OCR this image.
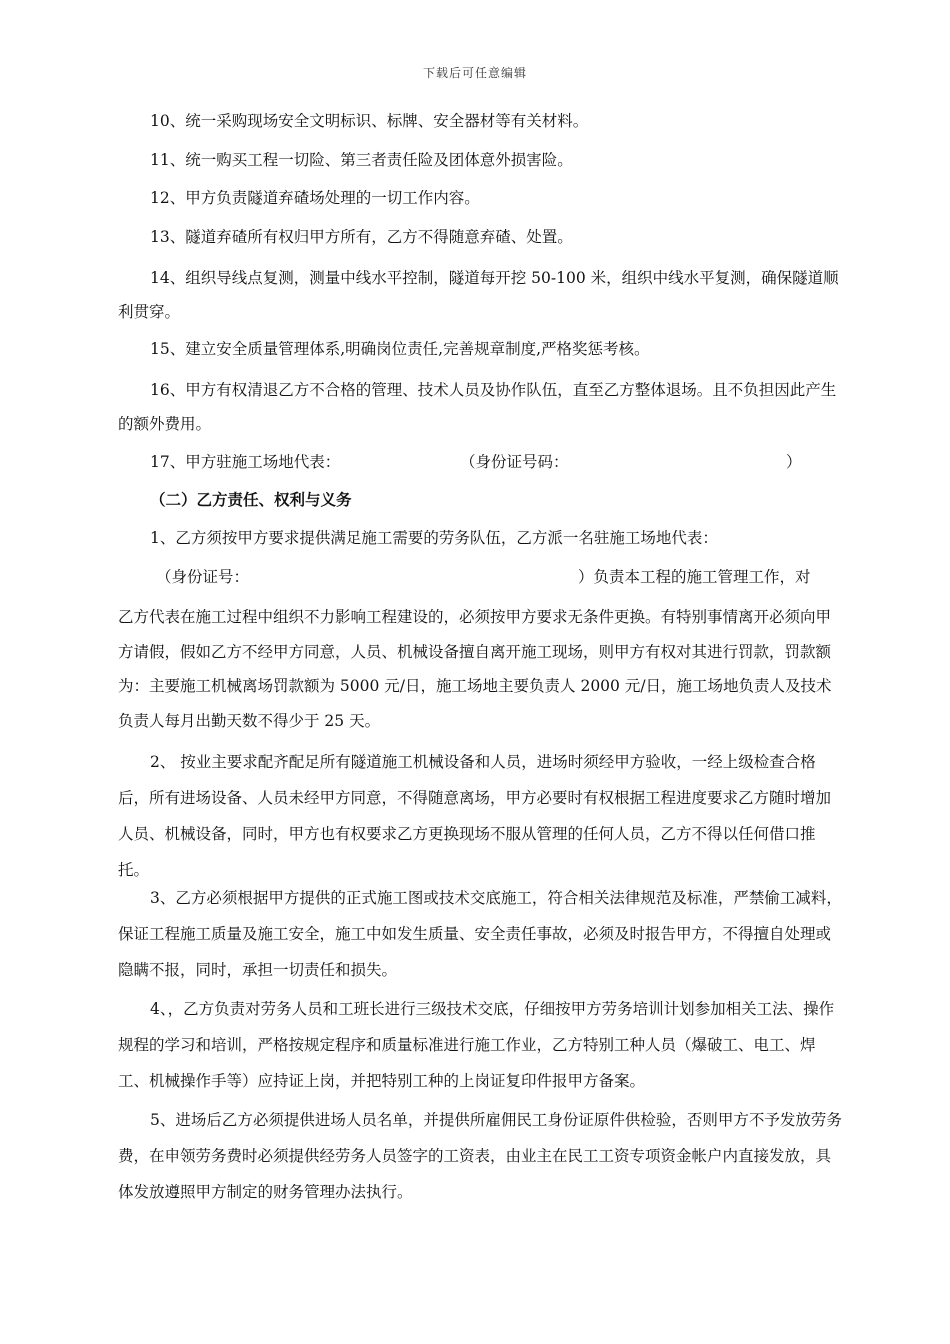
下载后可任意编辑

10、统一采购现场安全文明标识、标牌、安全器材等有关材料。

11、统一购买工程一切险、第三者责任险及团体意外损害险。

12、甲方负责隧道弃碴场处理的一切工作内容。

13、隧道弃碴所有权归甲方所有，乙方不得随意弃碴、处置。

14、组织导线点复测，测量中线水平控制，隧道每开挖 50-100 米，组织中线水平复测，确保隧道顺利贯穿。

15、建立安全质量管理体系,明确岗位责任,完善规章制度,严格奖惩考核。

16、甲方有权清退乙方不合格的管理、技术人员及协作队伍，直至乙方整体退场。且不负担因此产生的额外费用。

17、甲方驻施工场地代表：	（身份证号码：	）

（二）乙方责任、权利与义务

1、乙方须按甲方要求提供满足施工需要的劳务队伍，乙方派一名驻施工场地代表：

（身份证号：	）负责本工程的施工管理工作，对

乙方代表在施工过程中组织不力影响工程建设的，必须按甲方要求无条件更换。有特别事情离开必须向甲方请假，假如乙方不经甲方同意，人员、机械设备擅自离开施工现场，则甲方有权对其进行罚款，罚款额为：主要施工机械离场罚款额为 5000 元/日，施工场地主要负责人 2000 元/日，施工场地负责人及技术负责人每月出勤天数不得少于 25 天。

2、 按业主要求配齐配足所有隧道施工机械设备和人员，进场时须经甲方验收，一经上级检查合格后，所有进场设备、人员未经甲方同意，不得随意离场，甲方必要时有权根据工程进度要求乙方随时增加人员、机械设备，同时，甲方也有权要求乙方更换现场不服从管理的任何人员，乙方不得以任何借口推托。

3、乙方必须根据甲方提供的正式施工图或技术交底施工，符合相关法律规范及标准，严禁偷工减料，保证工程施工质量及施工安全，施工中如发生质量、安全责任事故，必须及时报告甲方，不得擅自处理或隐瞒不报，同时，承担一切责任和损失。

4、，乙方负责对劳务人员和工班长进行三级技术交底，仔细按甲方劳务培训计划参加相关工法、操作规程的学习和培训，严格按规定程序和质量标准进行施工作业，乙方特别工种人员（爆破工、电工、焊工、机械操作手等）应持证上岗，并把特别工种的上岗证复印件报甲方备案。

5、进场后乙方必须提供进场人员名单，并提供所雇佣民工身份证原件供检验，否则甲方不予发放劳务费，在申领劳务费时必须提供经劳务人员签字的工资表，由业主在民工工资专项资金帐户内直接发放，具体发放遵照甲方制定的财务管理办法执行。
